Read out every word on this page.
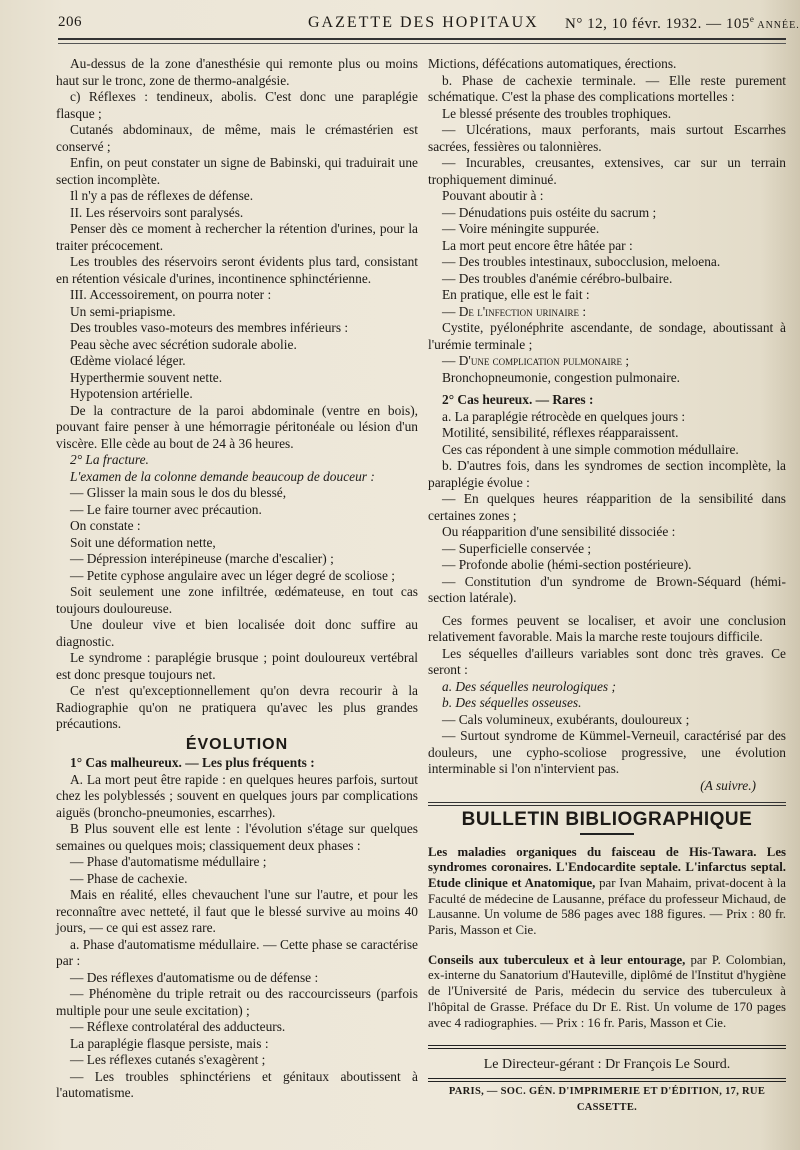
206	GAZETTE DES HOPITAUX N° 12, 10 févr. 1932. — 105e ANNÉE.

Au-dessus de la zone d'anesthésie qui remonte plus ou moins haut sur le tronc, zone de thermo-analgésie.

c) Réflexes : tendineux, abolis. C'est donc une paraplégie flasque ;

Cutanés abdominaux, de même, mais le crémastérien est conservé ;

Enfin, on peut constater un signe de Babinski, qui traduirait une section incomplète.

Il n'y a pas de réflexes de défense.

II. Les réservoirs sont paralysés.

Penser dès ce moment à rechercher la rétention d'urines, pour la traiter précocement.

Les troubles des réservoirs seront évidents plus tard, consistant en rétention vésicale d'urines, incontinence sphinctérienne.

III. Accessoirement, on pourra noter :

Un semi-priapisme.

Des troubles vaso-moteurs des membres inférieurs :

Peau sèche avec sécrétion sudorale abolie.

Œdème violacé léger.

Hyperthermie souvent nette.

Hypotension artérielle.

De la contracture de la paroi abdominale (ventre en bois), pouvant faire penser à une hémorragie péritonéale ou lésion d'un viscère. Elle cède au bout de 24 à 36 heures.

2° La fracture.

L'examen de la colonne demande beaucoup de douceur :

— Glisser la main sous le dos du blessé,

— Le faire tourner avec précaution.

On constate :

Soit une déformation nette,

— Dépression interépineuse (marche d'escalier) ;

— Petite cyphose angulaire avec un léger degré de scoliose ;

Soit seulement une zone infiltrée, œdémateuse, en tout cas toujours douloureuse.

Une douleur vive et bien localisée doit donc suffire au diagnostic.

Le syndrome : paraplégie brusque ; point douloureux vertébral est donc presque toujours net.

Ce n'est qu'exceptionnellement qu'on devra recourir à la Radiographie qu'on ne pratiquera qu'avec les plus grandes précautions.

ÉVOLUTION

1° Cas malheureux. — Les plus fréquents :

A. La mort peut être rapide : en quelques heures parfois, surtout chez les polyblessés ; souvent en quelques jours par complications aiguës (broncho-pneumonies, escarrhes).

B Plus souvent elle est lente : l'évolution s'étage sur quelques semaines ou quelques mois; classiquement deux phases :

— Phase d'automatisme médullaire ;

— Phase de cachexie.

Mais en réalité, elles chevauchent l'une sur l'autre, et pour les reconnaître avec netteté, il faut que le blessé survive au moins 40 jours, — ce qui est assez rare.

a. Phase d'automatisme médullaire. — Cette phase se caractérise par :

— Des réflexes d'automatisme ou de défense :

— Phénomène du triple retrait ou des raccourcisseurs (parfois multiple pour une seule excitation) ;

— Réflexe controlatéral des adducteurs.

La paraplégie flasque persiste, mais :

— Les réflexes cutanés s'exagèrent ;

— Les troubles sphinctériens et génitaux aboutissent à l'automatisme.

Mictions, défécations automatiques, érections.

b. Phase de cachexie terminale. — Elle reste purement schématique. C'est la phase des complications mortelles :

Le blessé présente des troubles trophiques.

— Ulcérations, maux perforants, mais surtout Escarrhes sacrées, fessières ou talonnières.

— Incurables, creusantes, extensives, car sur un terrain trophiquement diminué.

Pouvant aboutir à :

— Dénudations puis ostéite du sacrum ;

— Voire méningite suppurée.

La mort peut encore être hâtée par :

— Des troubles intestinaux, subocclusion, meloena.

— Des troubles d'anémie cérébro-bulbaire.

En pratique, elle est le fait :

— De l'infection urinaire :

Cystite, pyélonéphrite ascendante, de sondage, aboutissant à l'urémie terminale ;

— D'une complication pulmonaire ;

Bronchopneumonie, congestion pulmonaire.

2° Cas heureux. — Rares :

a. La paraplégie rétrocède en quelques jours :

Motilité, sensibilité, réflexes réapparaissent.

Ces cas répondent à une simple commotion médullaire.

b. D'autres fois, dans les syndromes de section incomplète, la paraplégie évolue :

— En quelques heures réapparition de la sensibilité dans certaines zones ;

Ou réapparition d'une sensibilité dissociée :

— Superficielle conservée ;

— Profonde abolie (hémi-section postérieure).

— Constitution d'un syndrome de Brown-Séquard (hémi-section latérale).

Ces formes peuvent se localiser, et avoir une conclusion relativement favorable. Mais la marche reste toujours difficile.

Les séquelles d'ailleurs variables sont donc très graves. Ce seront :

a. Des séquelles neurologiques ;

b. Des séquelles osseuses.

— Cals volumineux, exubérants, douloureux ;

— Surtout syndrome de Kümmel-Verneuil, caractérisé par des douleurs, une cypho-scoliose progressive, une évolution interminable si l'on n'intervient pas.

(A suivre.)

BULLETIN BIBLIOGRAPHIQUE

Les maladies organiques du faisceau de His-Tawara. Les syndromes coronaires. L'Endocardite septale. L'infarctus septal. Etude clinique et Anatomique, par Ivan Mahaim, privat-docent à la Faculté de médecine de Lausanne, préface du professeur Michaud, de Lausanne. Un volume de 586 pages avec 188 figures. — Prix : 80 fr. Paris, Masson et Cie.

Conseils aux tuberculeux et à leur entourage, par P. Colombian, ex-interne du Sanatorium d'Hauteville, diplômé de l'Institut d'hygiène de l'Université de Paris, médecin du service des tuberculeux à l'hôpital de Grasse. Préface du Dr E. Rist. Un volume de 170 pages avec 4 radiographies. — Prix : 16 fr. Paris, Masson et Cie.

Le Directeur-gérant : Dr François Le Sourd.
PARIS, — SOC. GÉN. D'IMPRIMERIE ET D'ÉDITION, 17, RUE CASSETTE.
